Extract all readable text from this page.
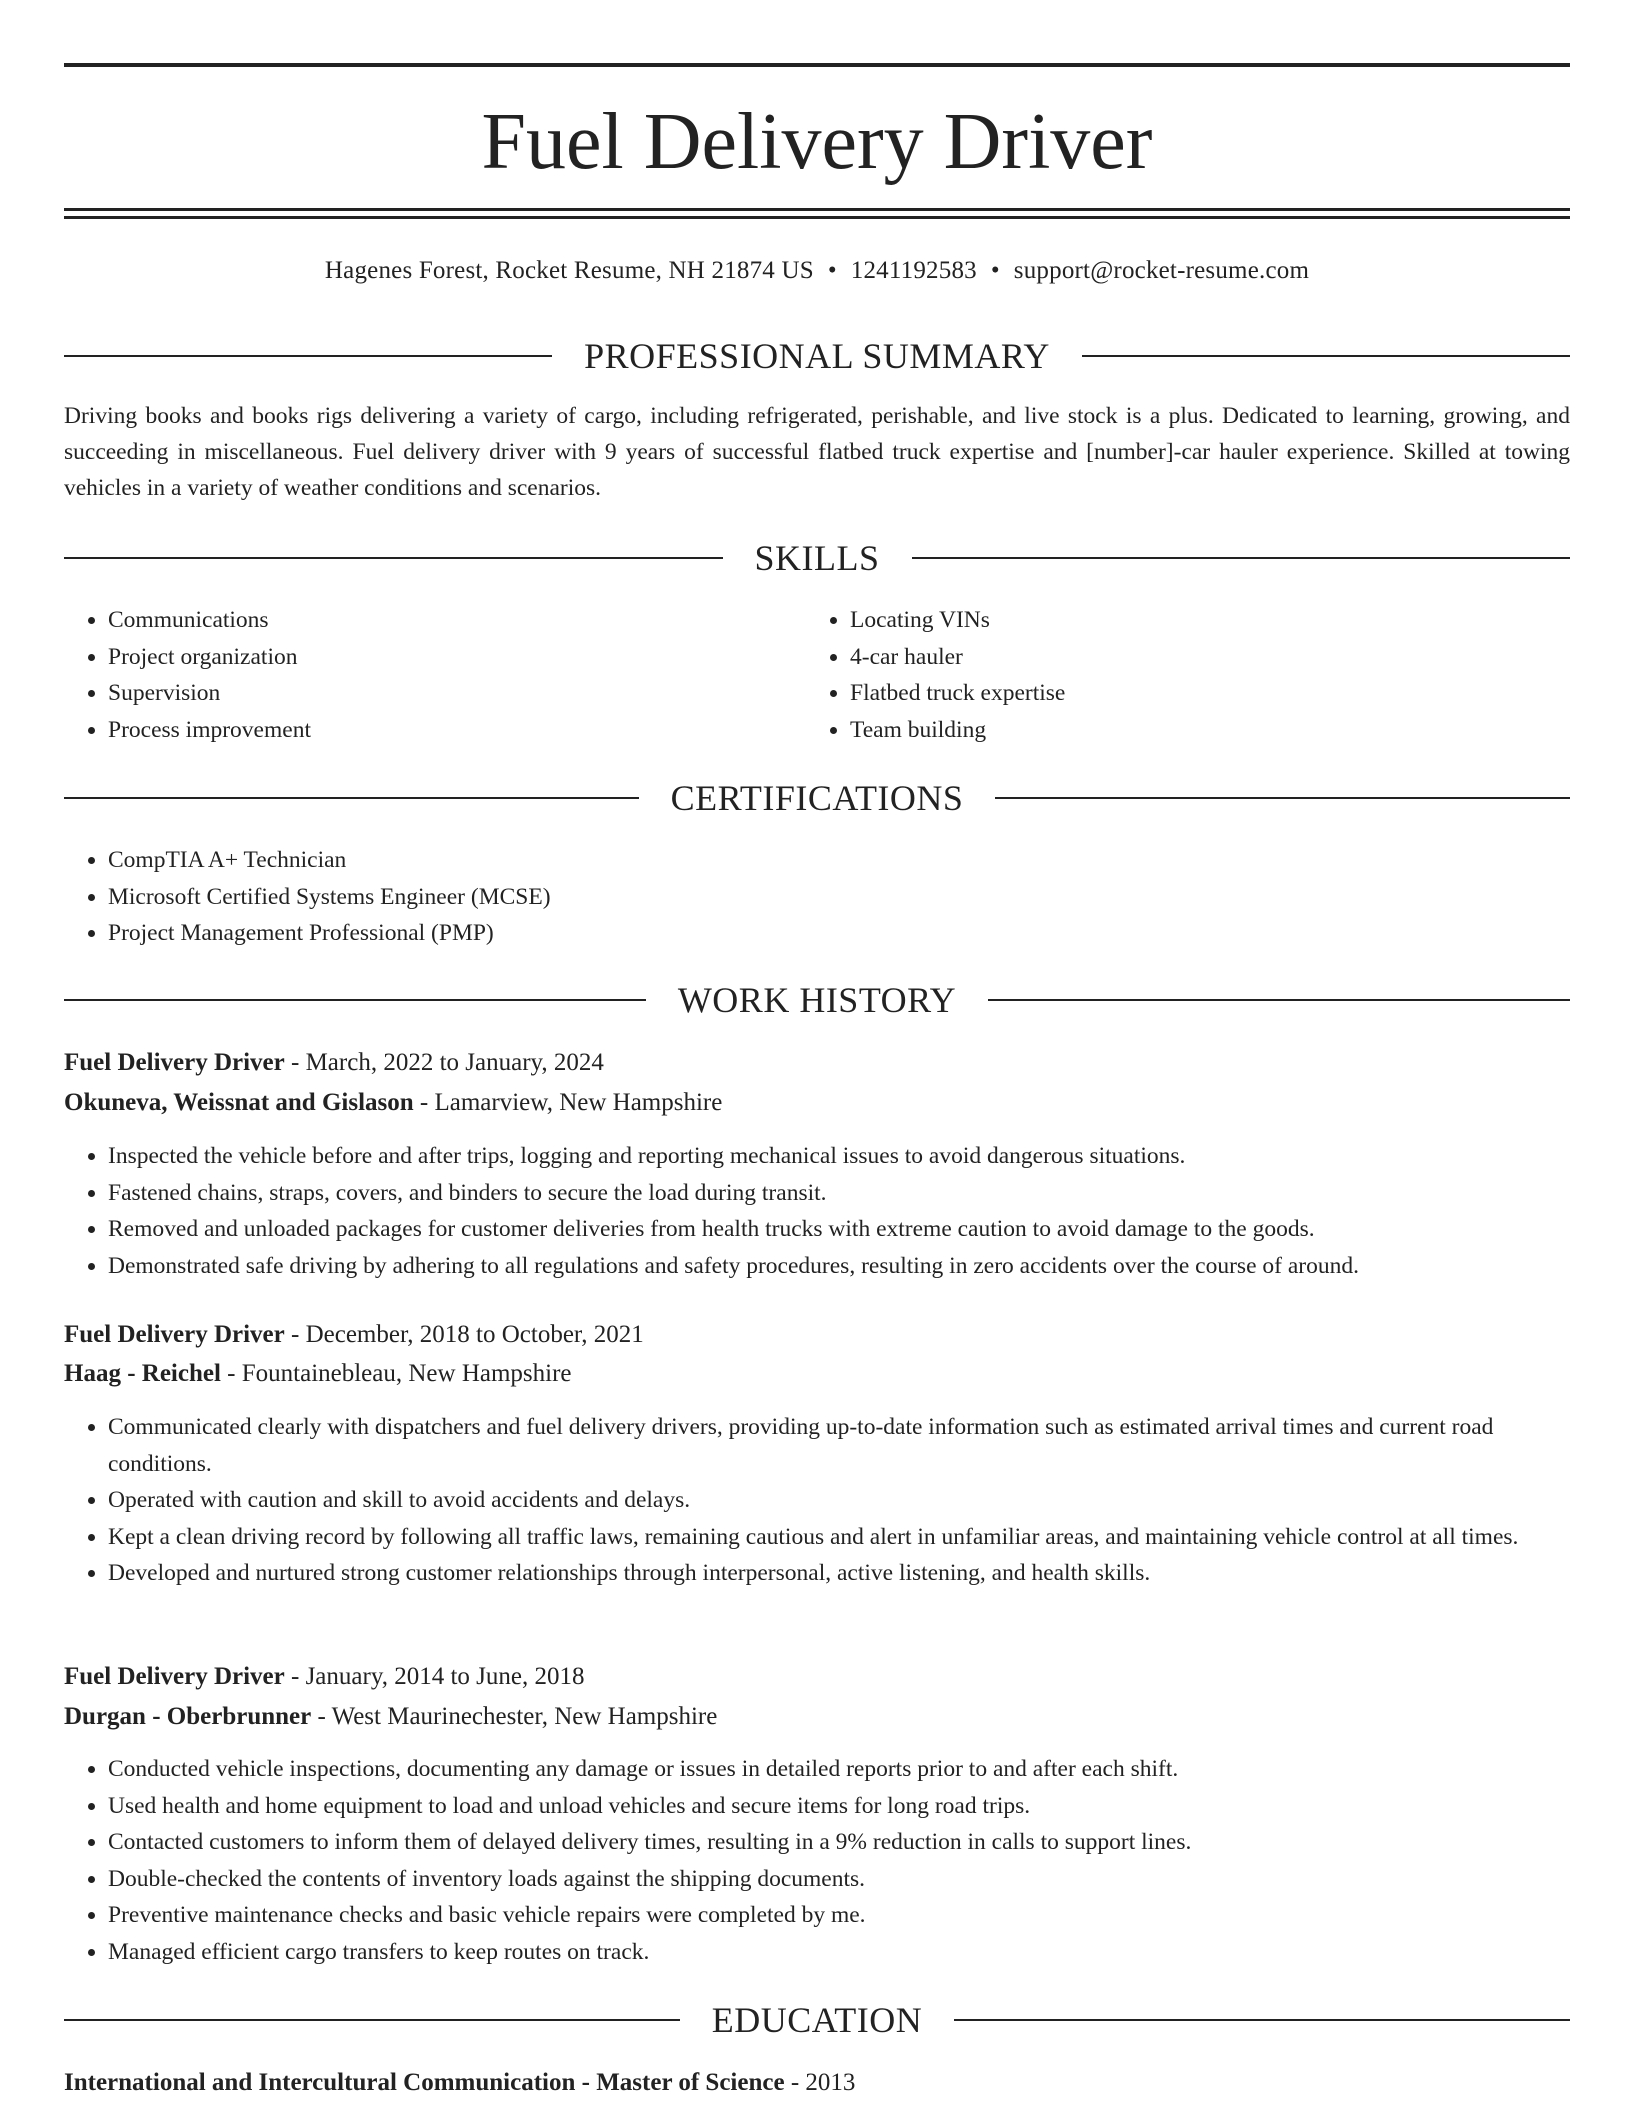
Fuel Delivery Driver
Hagenes Forest, Rocket Resume, NH 21874 US • 1241192583 • support@rocket-resume.com
PROFESSIONAL SUMMARY
Driving books and books rigs delivering a variety of cargo, including refrigerated, perishable, and live stock is a plus. Dedicated to learning, growing, and succeeding in miscellaneous. Fuel delivery driver with 9 years of successful flatbed truck expertise and [number]-car hauler experience. Skilled at towing vehicles in a variety of weather conditions and scenarios.
SKILLS
• Communications
• Project organization
• Supervision
• Process improvement
• Locating VINs
• 4-car hauler
• Flatbed truck expertise
• Team building
CERTIFICATIONS
• CompTIA A+ Technician
• Microsoft Certified Systems Engineer (MCSE)
• Project Management Professional (PMP)
WORK HISTORY
Fuel Delivery Driver - March, 2022 to January, 2024
Okuneva, Weissnat and Gislason - Lamarview, New Hampshire
• Inspected the vehicle before and after trips, logging and reporting mechanical issues to avoid dangerous situations.
• Fastened chains, straps, covers, and binders to secure the load during transit.
• Removed and unloaded packages for customer deliveries from health trucks with extreme caution to avoid damage to the goods.
• Demonstrated safe driving by adhering to all regulations and safety procedures, resulting in zero accidents over the course of around.
Fuel Delivery Driver - December, 2018 to October, 2021
Haag - Reichel - Fountainebleau, New Hampshire
• Communicated clearly with dispatchers and fuel delivery drivers, providing up-to-date information such as estimated arrival times and current road conditions.
• Operated with caution and skill to avoid accidents and delays.
• Kept a clean driving record by following all traffic laws, remaining cautious and alert in unfamiliar areas, and maintaining vehicle control at all times.
• Developed and nurtured strong customer relationships through interpersonal, active listening, and health skills.
Fuel Delivery Driver - January, 2014 to June, 2018
Durgan - Oberbrunner - West Maurinechester, New Hampshire
• Conducted vehicle inspections, documenting any damage or issues in detailed reports prior to and after each shift.
• Used health and home equipment to load and unload vehicles and secure items for long road trips.
• Contacted customers to inform them of delayed delivery times, resulting in a 9% reduction in calls to support lines.
• Double-checked the contents of inventory loads against the shipping documents.
• Preventive maintenance checks and basic vehicle repairs were completed by me.
• Managed efficient cargo transfers to keep routes on track.
EDUCATION
International and Intercultural Communication - Master of Science - 2013
